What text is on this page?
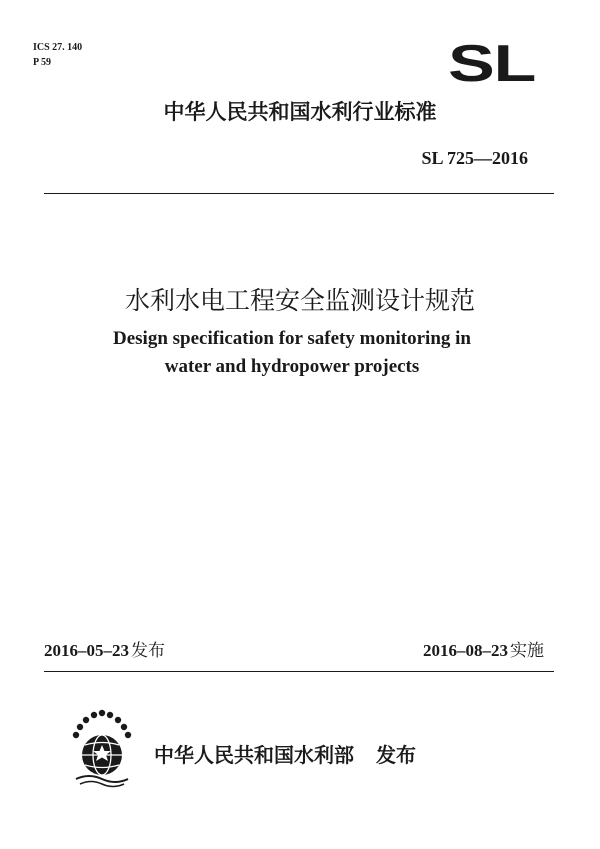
ICS 27. 140
P 59	SL
中华人民共和国水利行业标准
SL 725—2016
水利水电工程安全监测设计规范
Design specification for safety monitoring in
water and hydropower projects
2016–05–23 发布	2016–08–23 实施
中华人民共和国水利部 发布
